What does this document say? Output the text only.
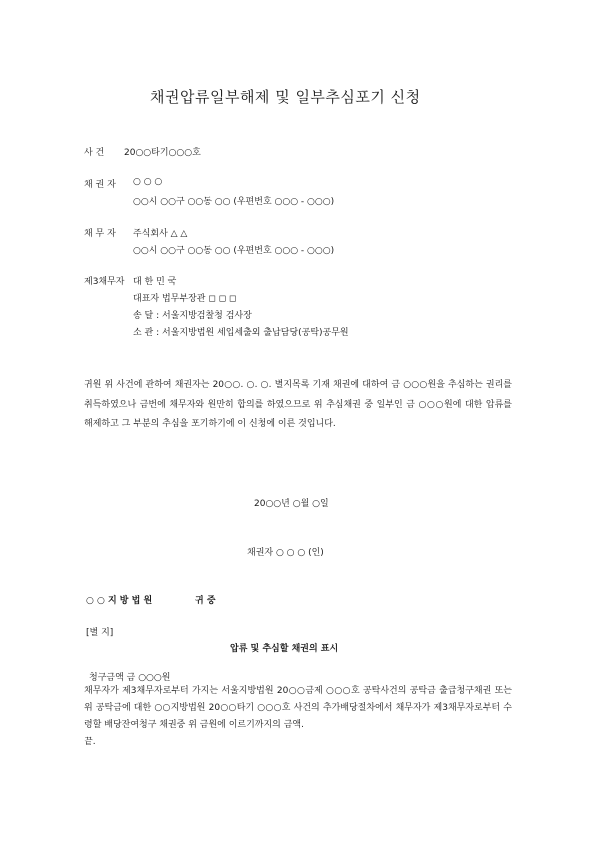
채권압류일부해제 및 일부추심포기 신청
사 건 20○○타기○○○호
채 권 자 ○ ○ ○
○○시 ○○구 ○○동 ○○ (우편번호 ○○○ - ○○○)
채 무 자 주식회사 △ △
○○시 ○○구 ○○동 ○○ (우편번호 ○○○ - ○○○)
제3채무자 대 한 민 국
대표자 법무부장관 ◻ ◻ ◻
송 달 : 서울지방검찰청 검사장
소 관 : 서울지방법원 세입세출외 출납담당(공탁)공무원
귀원 위 사건에 관하여 채권자는 20○○. ○. ○. 별지목록 기재 채권에 대하여 금 ○○○원을 추심하는 권리를 취득하였으나 금번에 채무자와 원만히 합의를 하였으므로 위 추심채권 중 일부인 금 ○○○원에 대한 압류를 해제하고 그 부분의 추심을 포기하기에 이 신청에 이른 것입니다.
20○○년 ○월 ○일
채권자 ○ ○ ○ (인)
○ ○ 지 방 법 원	귀 중
[별 지]
압류 및 추심할 채권의 표시
청구금액 금 ○○○원
채무자가 제3채무자로부터 가지는 서울지방법원 20○○금제 ○○○호 공탁사건의 공탁금 출급청구채권 또는 위 공탁금에 대한 ○○지방법원 20○○타기 ○○○호 사건의 추가배당절차에서 채무자가 제3채무자로부터 수령할 배당잔여청구 채권중 위 금원에 이르기까지의 금액.
끝.
